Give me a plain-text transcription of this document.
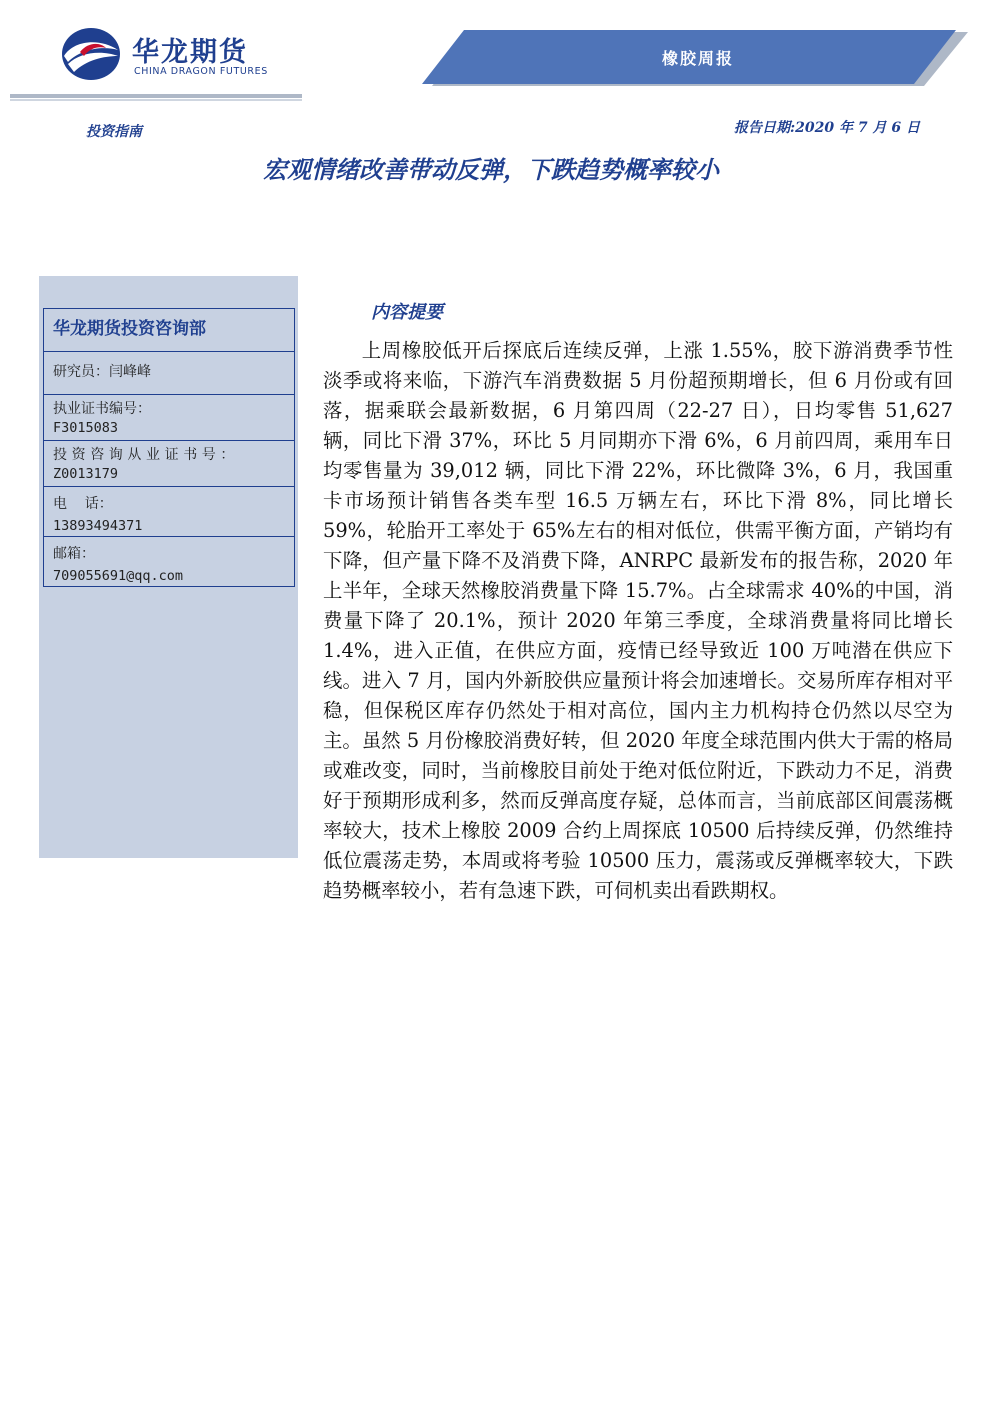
华龙期货
CHINA DRAGON FUTURES
橡胶周报
投资指南	报告日期:2020 年 7 月 6 日
宏观情绪改善带动反弹，下跌趋势概率较小
华龙期货投资咨询部
研究员：闫峰峰
执业证书编号：
F3015083
投资咨询从业证书号：
Z0013179
电    话：
13893494371
邮箱：
709055691@qq.com
内容提要

上周橡胶低开后探底后连续反弹，上涨 1.55%，胶下游消费季节性淡季或将来临，下游汽车消费数据 5 月份超预期增长，但 6 月份或有回落，据乘联会最新数据，6 月第四周（22-27 日），日均零售 51,627 辆，同比下滑 37%，环比 5 月同期亦下滑 6%，6 月前四周，乘用车日均零售量为 39,012 辆，同比下滑 22%，环比微降 3%，6 月，我国重卡市场预计销售各类车型 16.5 万辆左右，环比下滑 8%，同比增长 59%，轮胎开工率处于 65%左右的相对低位，供需平衡方面，产销均有下降，但产量下降不及消费下降，ANRPC 最新发布的报告称，2020 年上半年，全球天然橡胶消费量下降 15.7%。占全球需求 40%的中国，消费量下降了 20.1%，预计 2020 年第三季度，全球消费量将同比增长 1.4%，进入正值，在供应方面，疫情已经导致近 100 万吨潜在供应下线。进入 7 月，国内外新胶供应量预计将会加速增长。交易所库存相对平稳，但保税区库存仍然处于相对高位，国内主力机构持仓仍然以尽空为主。虽然 5 月份橡胶消费好转，但 2020 年度全球范围内供大于需的格局或难改变，同时，当前橡胶目前处于绝对低位附近，下跌动力不足，消费好于预期形成利多，然而反弹高度存疑，总体而言，当前底部区间震荡概率较大，技术上橡胶 2009 合约上周探底 10500 后持续反弹，仍然维持低位震荡走势，本周或将考验 10500 压力，震荡或反弹概率较大，下跌趋势概率较小，若有急速下跌，可伺机卖出看跌期权。
